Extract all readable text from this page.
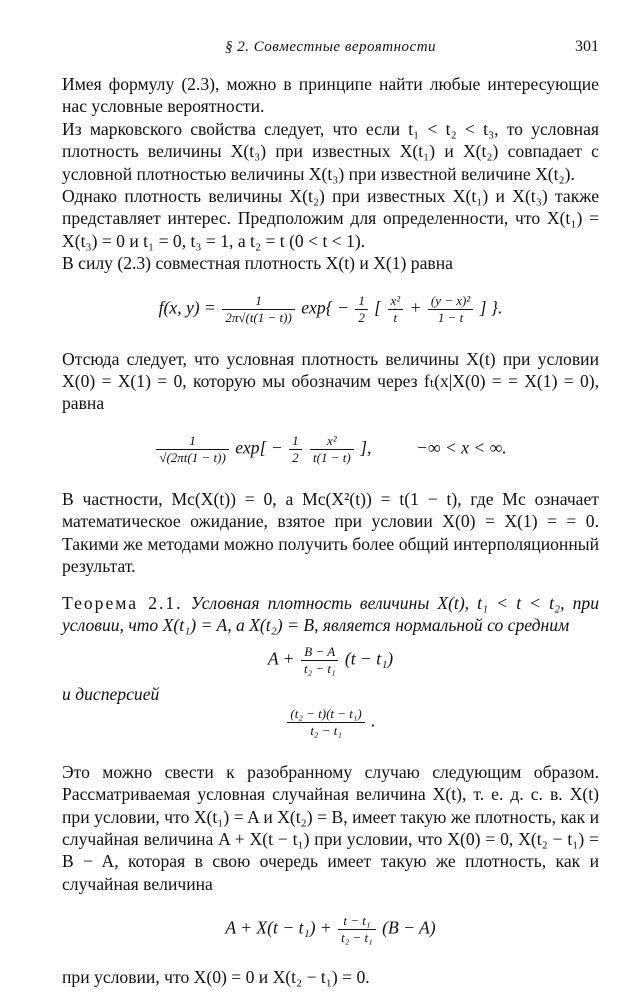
§ 2. Совместные вероятности	301

Имея формулу (2.3), можно в принципе найти любые интересующие нас условные вероятности.

Из марковского свойства следует, что если t₁ < t₂ < t₃, то условная плотность величины X(t₃) при известных X(t₁) и X(t₂) совпадает с условной плотностью величины X(t₃) при известной величине X(t₂).

Однако плотность величины X(t₂) при известных X(t₁) и X(t₃) также представляет интерес. Предположим для определенности, что X(t₁) = X(t₃) = 0 и t₁ = 0, t₃ = 1, а t₂ = t (0 < t < 1).

В силу (2.3) совместная плотность X(t) и X(1) равна

f(x, $y) = \frac{1}{2\pi√(t(1 - t))} \exp\{ - \frac{1}{2}$ [ $\frac{\text{x²}}{t} + \frac{\text{(y − x)²}}{1 - t}$ ] }.

Отсюда следует, что условная плотность величины X(t) при условии X(0) = X(1) = 0, которую мы обозначим через fₜ(x|X(0) = = X(1) = 0), равна

$\frac{1}{√(2\pi t(1 - t))} \exp[ - \frac{1}{2}$
$\frac{\text{x²}}{t(1 - t)}$ ],	−∞ < x < ∞.

В частности, Mc(X(t)) = 0, а Mc(X²(t)) = t(1 − t), где Mc означает математическое ожидание, взятое при условии X(0) = X(1) = = 0. Такими же методами можно получить более общий интерполяционный результат.

Теорема 2.1. Условная плотность величины X(t), t₁ < t < t₂, при условии, что X(t₁) = A, а X(t₂) = B, является нормальной со средним

$A + \frac{B - A}{\text{t₂ − t₁}} (t - t_1)$

и дисперсией

$\frac{\text{(t₂ − t)(t − t₁)}}{\text{t₂ − t₁}}$ .

Это можно свести к разобранному случаю следующим образом. Рассматриваемая условная случайная величина X(t), т. е. д. с. в. X(t) при условии, что X(t₁) = A и X(t₂) = B, имеет такую же плотность, как и случайная величина A + X(t − t₁) при условии, что X(0) = 0, X(t₂ − t₁) = B − A, которая в свою очередь имеет такую же плотность, как и случайная величина

$A + X(t - t_1) + \frac{\text{t − t₁}}{\text{t₂ − t₁}} (B - A)$

при условии, что X(0) = 0 и X(t₂ − t₁) = 0.
